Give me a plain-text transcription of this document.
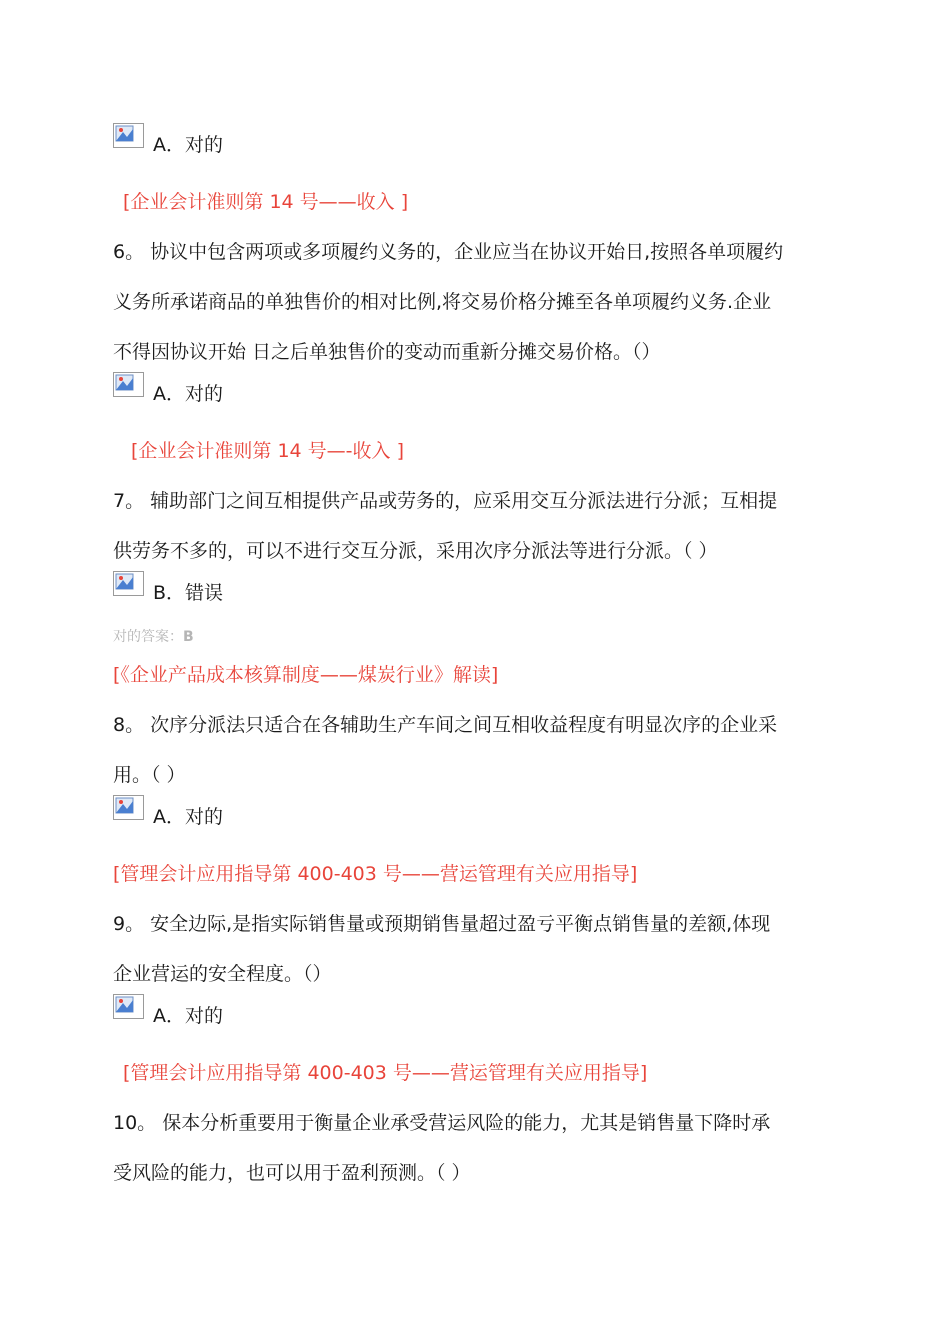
A．对的
[企业会计准则第 14 号——收入 ]
6。 协议中包含两项或多项履约义务的，企业应当在协议开始日,按照各单项履约
义务所承诺商品的单独售价的相对比例,将交易价格分摊至各单项履约义务.企业
不得因协议开始 日之后单独售价的变动而重新分摊交易价格。（）
A．对的
[企业会计准则第 14 号—-收入 ]
7。 辅助部门之间互相提供产品或劳务的，应采用交互分派法进行分派；互相提
供劳务不多的，可以不进行交互分派，采用次序分派法等进行分派。（ ）
B．错误
对的答案：B
[《企业产品成本核算制度——煤炭行业》解读]
8。 次序分派法只适合在各辅助生产车间之间互相收益程度有明显次序的企业采
用。（ ）
A．对的
[管理会计应用指导第 400-403 号——营运管理有关应用指导]
9。 安全边际,是指实际销售量或预期销售量超过盈亏平衡点销售量的差额,体现
企业营运的安全程度。（）
A．对的
[管理会计应用指导第 400-403 号——营运管理有关应用指导]
10。 保本分析重要用于衡量企业承受营运风险的能力，尤其是销售量下降时承
受风险的能力，也可以用于盈利预测。（ ）
